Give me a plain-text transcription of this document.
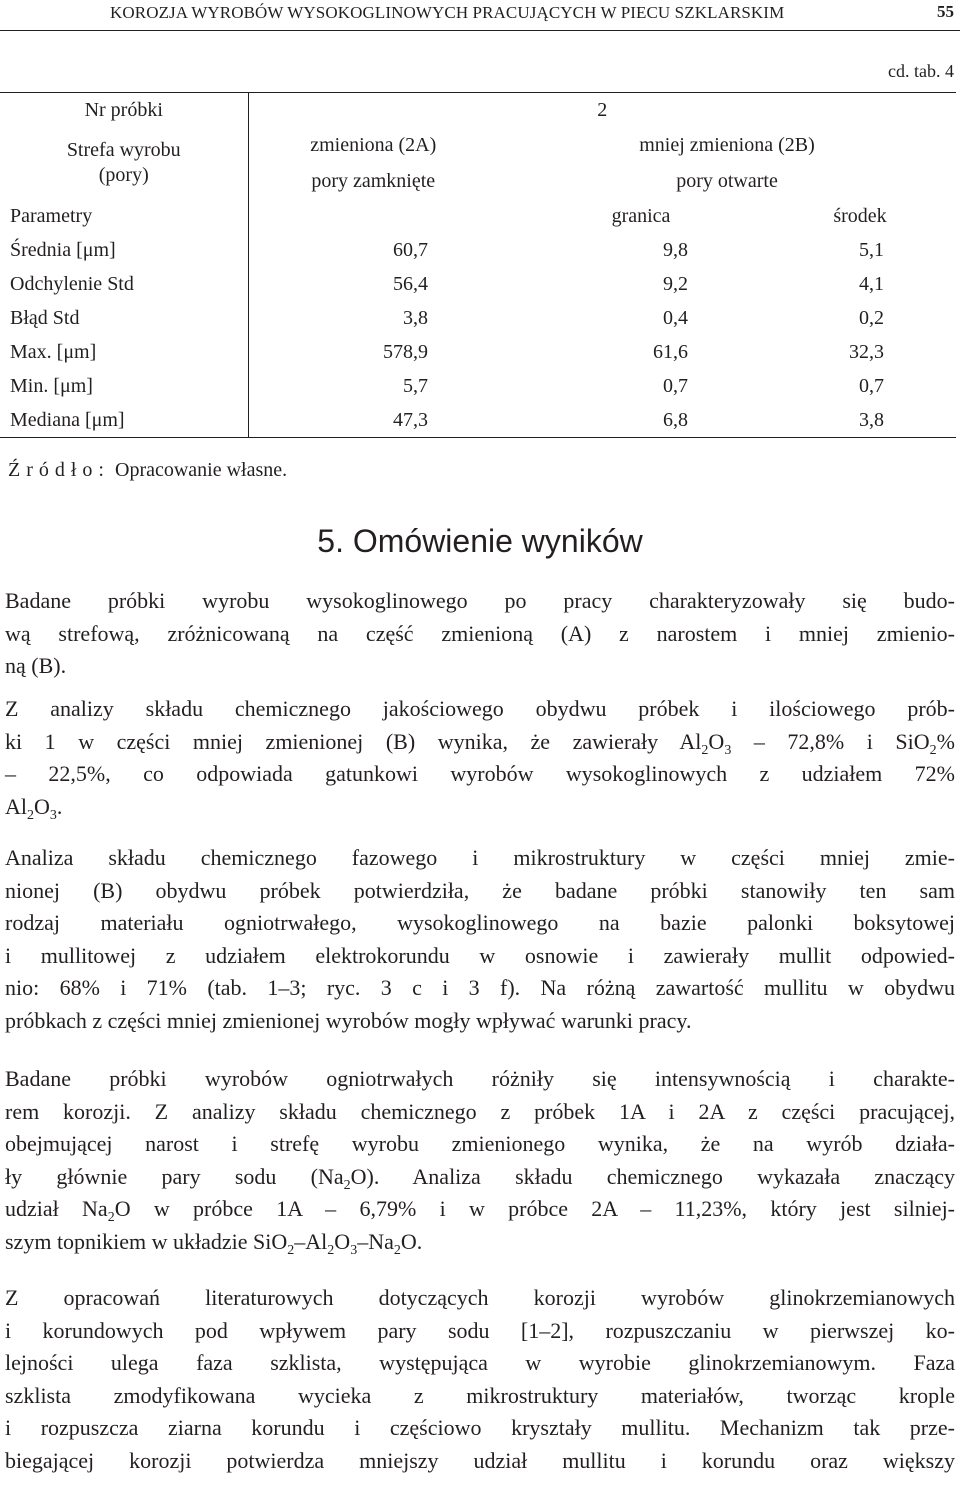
KOROZJA WYROBÓW WYSOKOGLINOWYCH PRACUJĄCYCH W PIECU SZKLARSKIM	55
cd. tab. 4
Nr próbki	2		

Strefa wyrobu
(pory)	zmieniona (2A)	mniej zmieniona (2B)	
	pory zamknięte	pory otwarte	
Parametry		granica	środek
Średnia [μm]	60,7	9,8	5,1
Odchylenie Std	56,4	9,2	4,1
Błąd Std	3,8	0,4	0,2
Max. [μm]	578,9	61,6	32,3
Min. [μm]	5,7	0,7	0,7
Mediana [μm]	47,3	6,8	3,8
Źródło: Opracowanie własne.
5. Omówienie wyników
Badane próbki wyrobu wysokoglinowego po pracy charakteryzowały się budo-
wą strefową, zróżnicowaną na część zmienioną (A) z narostem i mniej zmienio-
ną (B).
Z analizy składu chemicznego jakościowego obydwu próbek i ilościowego prób-
ki 1 w części mniej zmienionej (B) wynika, że zawierały $Al_2O_3 - 72,8\%$ i SiO$_2$%
– 22,5%, co odpowiada gatunkowi wyrobów wysokoglinowych z udziałem 72%
$Al_2O_3$.
Analiza składu chemicznego fazowego i mikrostruktury w części mniej zmie-
nionej (B) obydwu próbek potwierdziła, że badane próbki stanowiły ten sam
rodzaj materiału ogniotrwałego, wysokoglinowego na bazie palonki boksytowej
i mullitowej z udziałem elektrokorundu w osnowie i zawierały mullit odpowied-
nio: 68% i 71% (tab. 1–3; ryc. 3 c i 3 f). Na różną zawartość mullitu w obydwu
próbkach z części mniej zmienionej wyrobów mogły wpływać warunki pracy.
Badane próbki wyrobów ogniotrwałych różniły się intensywnością i charakte-
rem korozji. Z analizy składu chemicznego z próbek 1A i 2A z części pracującej,
obejmującej narost i strefę wyrobu zmienionego wynika, że na wyrób działa-
ły głównie pary sodu $(Na_2O)$. Analiza składu chemicznego wykazała znaczący
udział $Na_2O$ w próbce 1A – 6,79% i w próbce 2A – 11,23%, który jest silniej-
szym topnikiem w układzie $SiO_2-Al_2O_3-Na_2O$.
Z opracowań literaturowych dotyczących korozji wyrobów glinokrzemianowych
i korundowych pod wpływem pary sodu [1–2], rozpuszczaniu w pierwszej ko-
lejności ulega faza szklista, występująca w wyrobie glinokrzemianowym. Faza
szklista zmodyfikowana wycieka z mikrostruktury materiałów, tworząc krople
i rozpuszcza ziarna korundu i częściowo kryształy mullitu. Mechanizm tak prze-
biegającej korozji potwierdza mniejszy udział mullitu i korundu oraz większy
